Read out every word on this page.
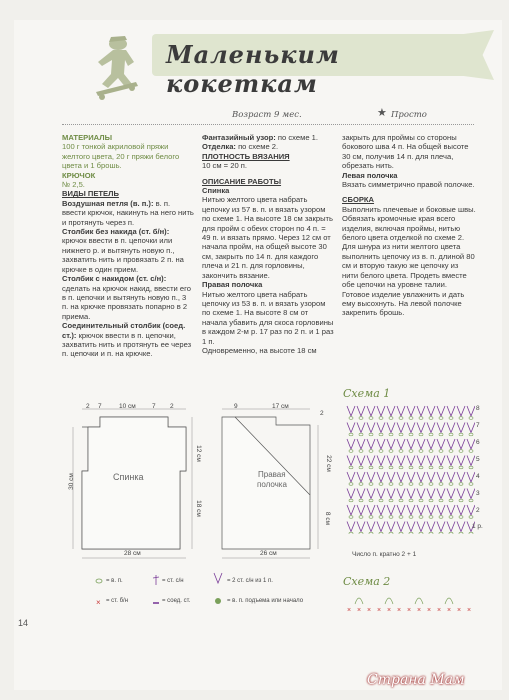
Маленьким кокеткам
Возраст 9 мес.	★ Просто

МАТЕРИАЛЫ

100 г тонкой акриловой пряжи желтого цвета, 20 г пряжи белого цвета и 1 брошь.

КРЮЧОК

№ 2,5.

ВИДЫ ПЕТЕЛЬ

Воздушная петля (в. п.): в. п. ввести крючок, накинуть на него нить и протянуть через п.

Столбик без накида (ст. б/н): крючок ввести в п. цепочки или нижнего р. и вытянуть новую п., захватить нить и провязать 2 п. на крючке в один прием.

Столбик с накидом (ст. с/н): сделать на крючок накид, ввести его в п. цепочки и вытянуть новую п., 3 п. на крючке провязать попарно в 2 приема.

Соединительный столбик (соед. ст.): крючок ввести в п. цепочки, захватить нить и протянуть ее через п. цепочки и п. на крючке.

Фантазийный узор: по схеме 1.

Отделка: по схеме 2.

ПЛОТНОСТЬ ВЯЗАНИЯ

10 см = 20 п.

ОПИСАНИЕ РАБОТЫ

Спинка

Нитью желтого цвета набрать цепочку из 57 в. п. и вязать узором по схеме 1. На высоте 18 см закрыть для пройм с обеих сторон по 4 п. = 49 п. и вязать прямо. Через 12 см от начала пройм, на общей высоте 30 см, закрыть по 14 п. для каждого плеча и 21 п. для горловины, закончить вязание.

Правая полочка

Нитью желтого цвета набрать цепочку из 53 в. п. и вязать узором по схеме 1. На высоте 8 см от начала убавить для скоса горловины в каждом 2-м р. 17 раз по 2 п. и 1 раз 1 п.

Одновременно, на высоте 18 см

закрыть для проймы со стороны бокового шва 4 п. На общей высоте 30 см, получив 14 п. для плеча, обрезать нить.

Левая полочка

Вязать симметрично правой полочке.

СБОРКА

Выполнить плечевые и боковые швы. Обвязать кромочные края всего изделия, включая проймы, нитью белого цвета отделкой по схеме 2.

Для шнура из нити желтого цвета выполнить цепочку из в. п. длиной 80 см и вторую такую же цепочку из нити белого цвета. Продеть вместе обе цепочки на уровне талии. Готовое изделие увлажнить и дать ему высохнуть. На левой полочке закрепить брошь.

Спинка	Правая
полочка
2 7	10 см 7 2
30 см
12 см
18 см
28 см
9	17 см
2
22 см
8 см
26 см
Схема 1
8
7
6
5
4
3
2
1 р.
Число п. кратно 2 + 1
Схема 2
× × × × × × × × × × × × ×
×
= в. п.
= ст. б/н
= ст. с/н
= соед. ст.
= 2 ст. с/н из 1 п.
= в. п. подъема или начало
14
Страна Мам
